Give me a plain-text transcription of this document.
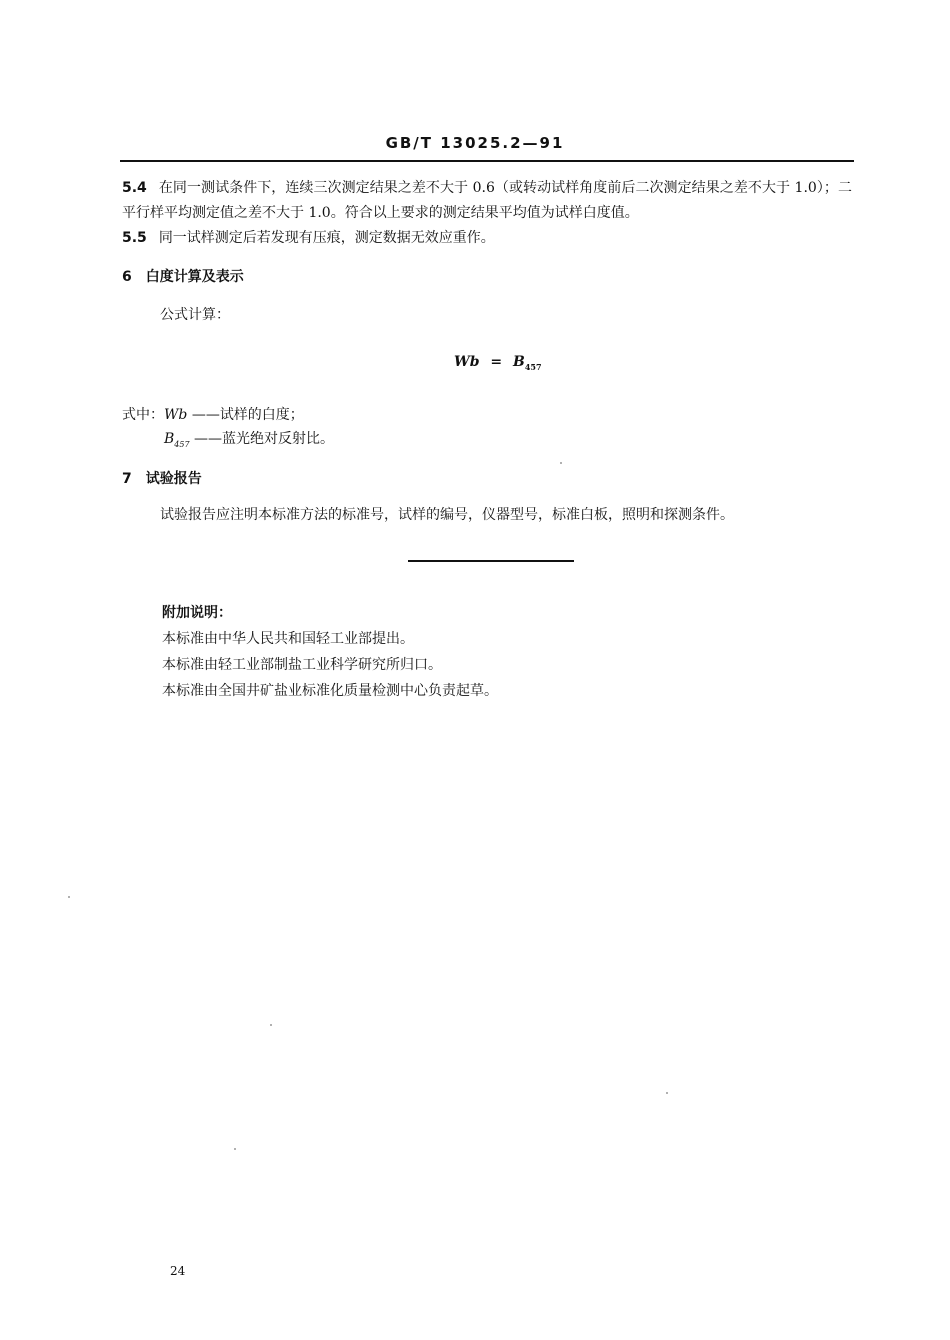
GB/T 13025.2—91
5.4 在同一测试条件下，连续三次测定结果之差不大于 0.6（或转动试样角度前后二次测定结果之差不大于 1.0）；二平行样平均测定值之差不大于 1.0。符合以上要求的测定结果平均值为试样白度值。
5.5 同一试样测定后若发现有压痕，测定数据无效应重作。
6 白度计算及表示
公式计算：
$Wb = B_{457}$
式中：Wb ——试样的白度；
$B_{457}$ ——蓝光绝对反射比。
7 试验报告
试验报告应注明本标准方法的标准号，试样的编号，仪器型号，标准白板，照明和探测条件。
附加说明：
本标准由中华人民共和国轻工业部提出。
本标准由轻工业部制盐工业科学研究所归口。
本标准由全国井矿盐业标准化质量检测中心负责起草。
24
